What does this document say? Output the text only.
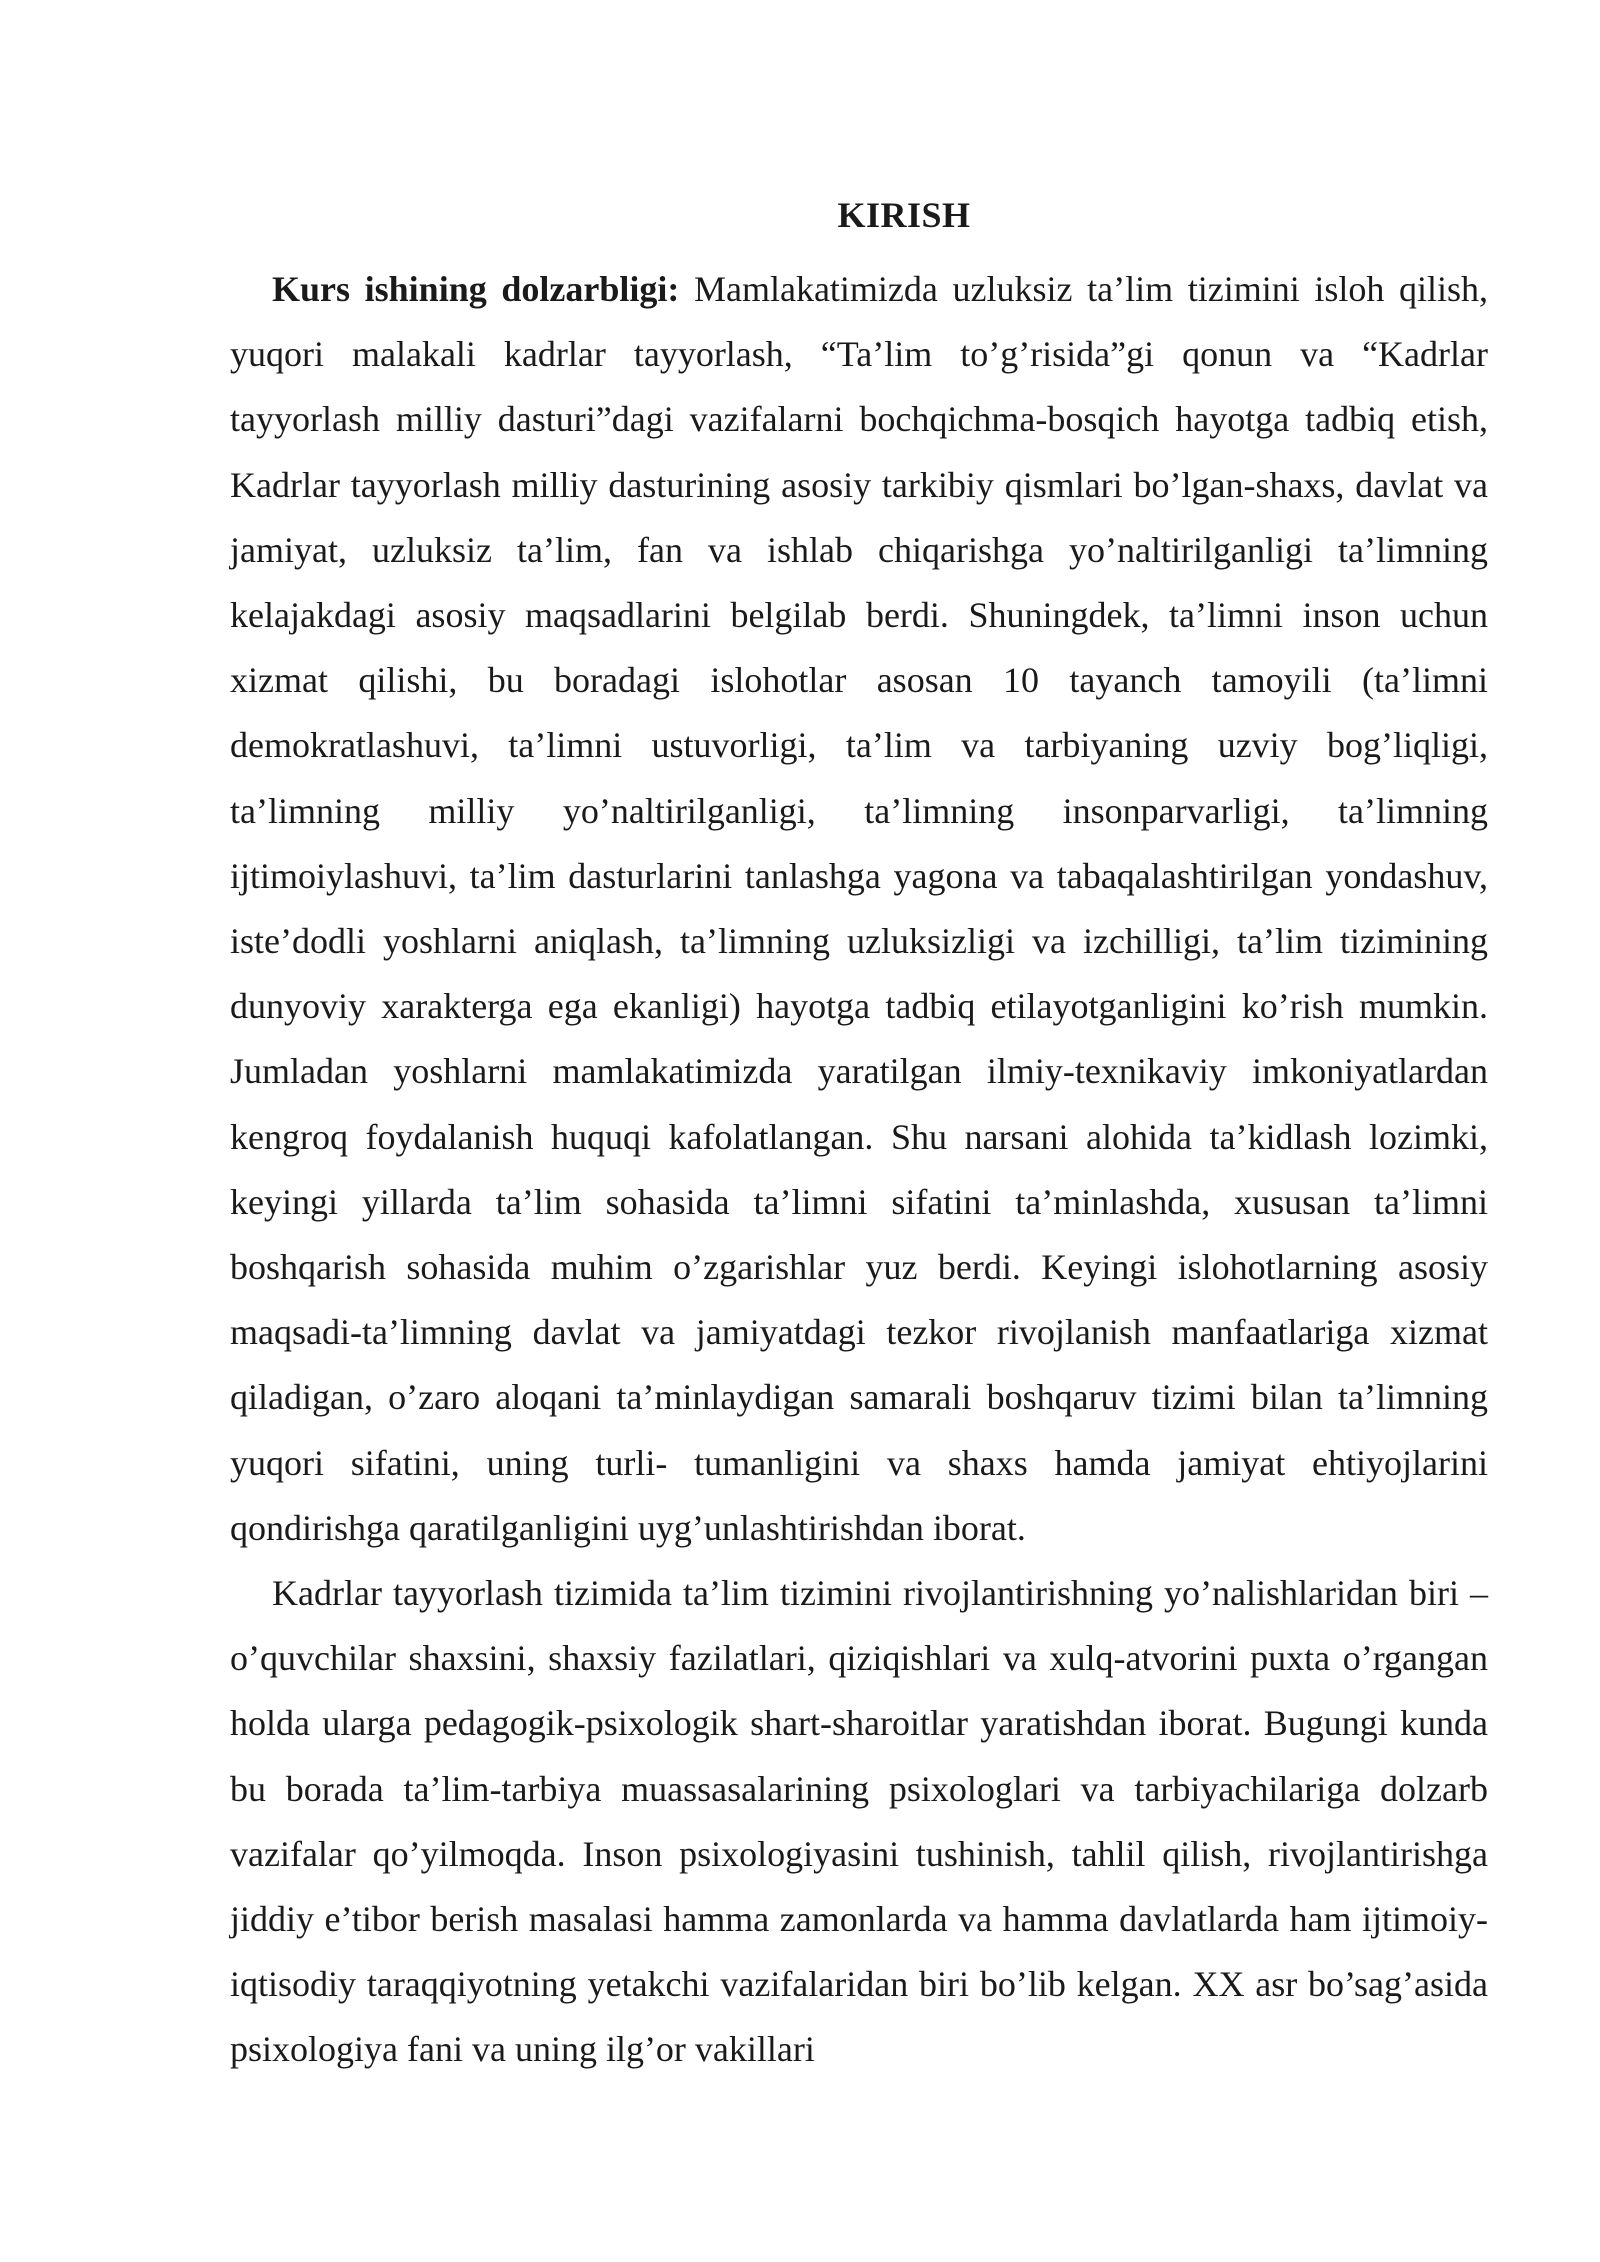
KIRISH

Kurs ishining dolzarbligi: Mamlakatimizda uzluksiz ta’lim tizimini isloh qilish, yuqori malakali kadrlar tayyorlash, “Ta’lim to’g’risida”gi qonun va “Kadrlar tayyorlash milliy dasturi”dagi vazifalarni bochqichma-bosqich hayotga tadbiq etish, Kadrlar tayyorlash milliy dasturining asosiy tarkibiy qismlari bo’lgan-shaxs, davlat va jamiyat, uzluksiz ta’lim, fan va ishlab chiqarishga yo’naltirilganligi ta’limning kelajakdagi asosiy maqsadlarini belgilab berdi. Shuningdek, ta’limni inson uchun xizmat qilishi, bu boradagi islohotlar asosan 10 tayanch tamoyili (ta’limni demokratlashuvi, ta’limni ustuvorligi, ta’lim va tarbiyaning uzviy bog’liqligi, ta’limning milliy yo’naltirilganligi, ta’limning insonparvarligi, ta’limning ijtimoiylashuvi, ta’lim dasturlarini tanlashga yagona va tabaqalashtirilgan yondashuv, iste’dodli yoshlarni aniqlash, ta’limning uzluksizligi va izchilligi, ta’lim tizimining dunyoviy xarakterga ega ekanligi) hayotga tadbiq etilayotganligini ko’rish mumkin. Jumladan yoshlarni mamlakatimizda yaratilgan ilmiy-texnikaviy imkoniyatlardan kengroq foydalanish huquqi kafolatlangan. Shu narsani alohida ta’kidlash lozimki, keyingi yillarda ta’lim sohasida ta’limni sifatini ta’minlashda, xususan ta’limni boshqarish sohasida muhim o’zgarishlar yuz berdi. Keyingi islohotlarning asosiy maqsadi-ta’limning davlat va jamiyatdagi tezkor rivojlanish manfaatlariga xizmat qiladigan, o’zaro aloqani ta’minlaydigan samarali boshqaruv tizimi bilan ta’limning yuqori sifatini, uning turli- tumanligini va shaxs hamda jamiyat ehtiyojlarini qondirishga qaratilganligini uyg’unlashtirishdan iborat.

Kadrlar tayyorlash tizimida ta’lim tizimini rivojlantirishning yo’nalishlaridan biri – o’quvchilar shaxsini, shaxsiy fazilatlari, qiziqishlari va xulq-atvorini puxta o’rgangan holda ularga pedagogik-psixologik shart-sharoitlar yaratishdan iborat. Bugungi kunda bu borada ta’lim-tarbiya muassasalarining psixologlari va tarbiyachilariga dolzarb vazifalar qo’yilmoqda. Inson psixologiyasini tushinish, tahlil qilish, rivojlantirishga jiddiy e’tibor berish masalasi hamma zamonlarda va hamma davlatlarda ham ijtimoiy-iqtisodiy taraqqiyotning yetakchi vazifalaridan biri bo’lib kelgan. XX asr bo’sag’asida psixologiya fani va uning ilg’or vakillari
